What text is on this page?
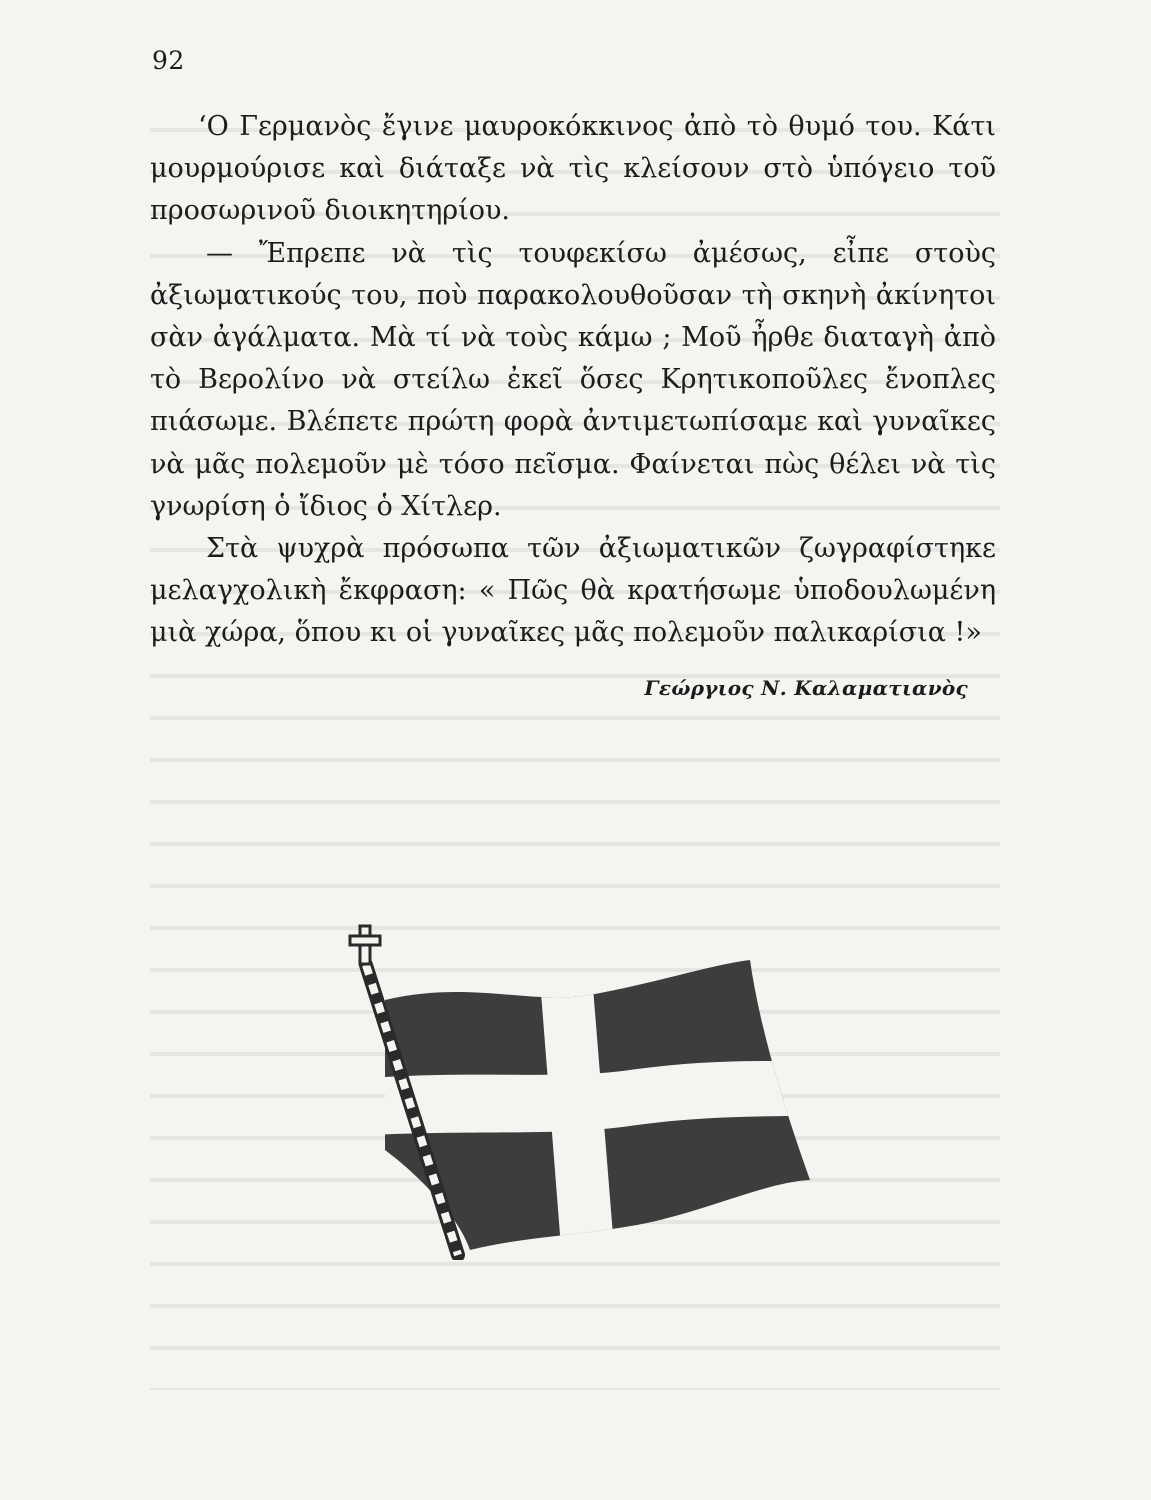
92

‘Ο Γερμανὸς ἔγινε μαυροκόκκινος ἀπὸ τὸ θυμό του. Κάτι μουρμούρισε καὶ διάταξε νὰ τὶς κλείσουν στὸ ὑπόγειο τοῦ προσωρινοῦ διοικητηρίου.

— Ἔπρεπε νὰ τὶς τουφεκίσω ἀμέσως, εἶπε στοὺς ἀξιωματικούς του, ποὺ παρακολουθοῦσαν τὴ σκηνὴ ἀκίνητοι σὰν ἀγάλματα. Μὰ τί νὰ τοὺς κάμω ; Μοῦ ἦρθε διαταγὴ ἀπὸ τὸ Βερολίνο νὰ στείλω ἐκεῖ ὅσες Κρητικοποῦλες ἔνοπλες πιάσωμε. Βλέπετε πρώτη φορὰ ἀντιμετωπίσαμε καὶ γυναῖκες νὰ μᾶς πολεμοῦν μὲ τόσο πεῖσμα. Φαίνεται πὼς θέλει νὰ τὶς γνωρίση ὁ ἴδιος ὁ Χίτλερ.

Στὰ ψυχρὰ πρόσωπα τῶν ἀξιωματικῶν ζωγραφίστηκε μελαγχολικὴ ἔκφραση: « Πῶς θὰ κρατήσωμε ὑποδουλωμένη μιὰ χώρα, ὅπου κι οἱ γυναῖκες μᾶς πολεμοῦν παλικαρίσια !»

Γεώργιος Ν. Καλαματιανὸς
